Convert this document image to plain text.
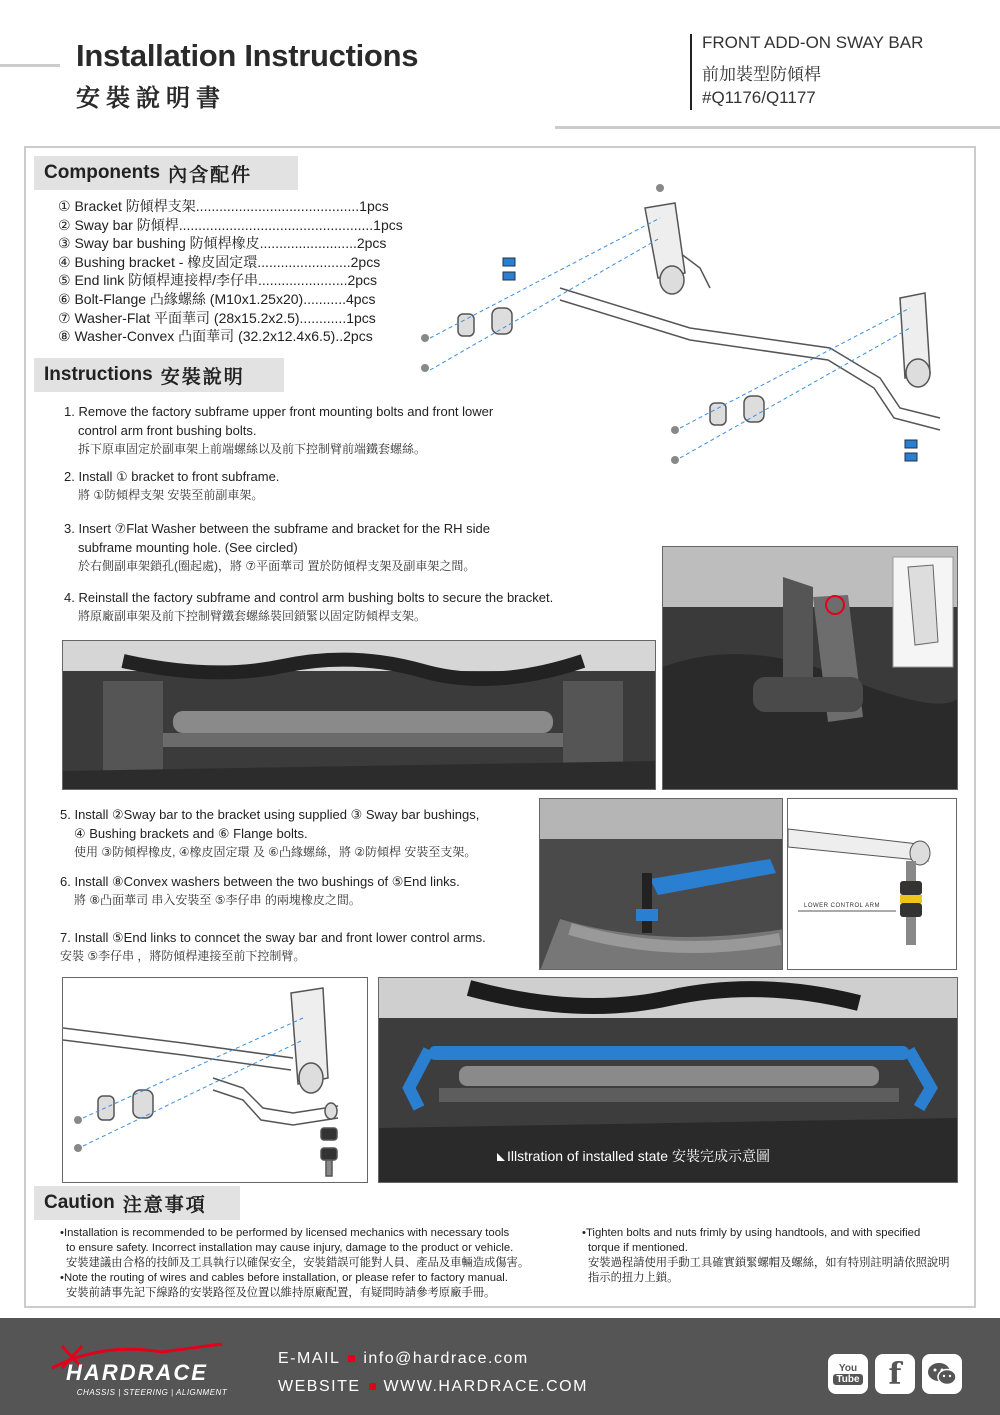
Installation Instructions
安裝說明書
FRONT ADD-ON SWAY BAR
前加裝型防傾桿
#Q1176/Q1177
Components 內含配件
① Bracket 防傾桿支架..........................................1pcs
② Sway bar 防傾桿..................................................1pcs
③ Sway bar bushing 防傾桿橡皮.........................2pcs
④ Bushing bracket - 橡皮固定環........................2pcs
⑤ End link 防傾桿連接桿/李仔串.......................2pcs
⑥ Bolt-Flange 凸緣螺絲 (M10x1.25x20)...........4pcs
⑦ Washer-Flat 平面華司 (28x15.2x2.5)............1pcs
⑧ Washer-Convex 凸面華司 (32.2x12.4x6.5)..2pcs
Instructions 安裝說明
1. Remove the factory subframe upper front mounting bolts and front lower
control arm front bushing bolts.
拆下原車固定於副車架上前端螺絲以及前下控制臂前端鐵套螺絲。
2. Install ① bracket to front subframe.
將 ①防傾桿支架 安裝至前副車架。
3. Insert ⑦Flat Washer between the subframe and bracket for the RH side
subframe mounting hole. (See circled)
於右側副車架鎖孔(圈起處)，將 ⑦平面華司 置於防傾桿支架及副車架之間。
4. Reinstall the factory subframe and control arm bushing bolts to secure the bracket.
將原廠副車架及前下控制臂鐵套螺絲裝回鎖緊以固定防傾桿支架。
5. Install ②Sway bar to the bracket using supplied ③ Sway bar bushings,
④ Bushing brackets and ⑥ Flange bolts.
使用 ③防傾桿橡皮, ④橡皮固定環 及 ⑥凸緣螺絲，將 ②防傾桿 安裝至支架。
6. Install ⑧Convex washers between the two bushings of ⑤End links.
將 ⑧凸面華司 串入安裝至 ⑤李仔串 的兩塊橡皮之間。
7. Install ⑤End links to conncet the sway bar and front lower control arms.
安裝 ⑤李仔串 ，將防傾桿連接至前下控制臂。
LOWER CONTROL ARM
Illstration of installed state 安裝完成示意圖
Caution 注意事項
•Installation is recommended to be performed by licensed mechanics with necessary tools
to ensure safety. Incorrect installation may cause injury, damage to the product or vehicle.
安裝建議由合格的技師及工具執行以確保安全，安裝錯誤可能對人員、產品及車輛造成傷害。
•Note the routing of wires and cables before installation, or please refer to factory manual.
安裝前請事先記下線路的安裝路徑及位置以維持原廠配置，有疑問時請參考原廠手冊。
•Tighten bolts and nuts frimly by using handtools, and with specified
torque if mentioned.
安裝過程請使用手動工具確實鎖緊螺帽及螺絲，如有特別註明請依照說明
指示的扭力上鎖。
HARDRACE
CHASSIS | STEERING | ALIGNMENT
E-MAIL info@hardrace.com
WEBSITE WWW.HARDRACE.COM
You
Tube f
